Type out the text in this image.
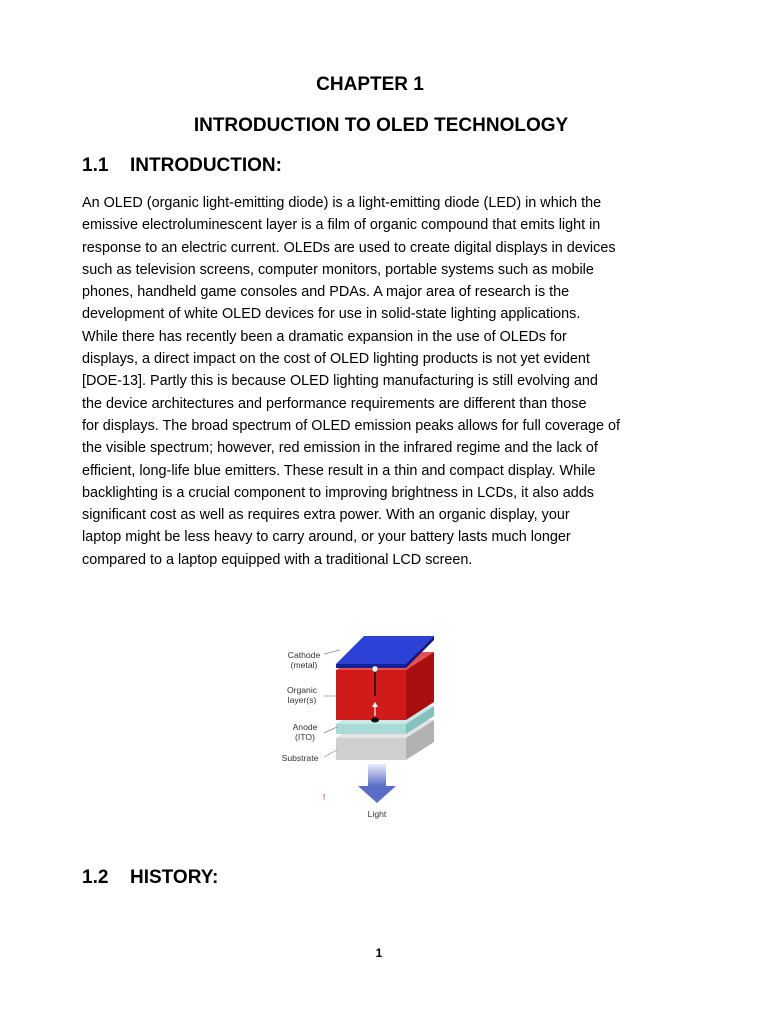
CHAPTER 1
INTRODUCTION TO OLED TECHNOLOGY
1.1 INTRODUCTION:
An OLED (organic light-emitting diode) is a light-emitting diode (LED) in which the
emissive electroluminescent layer is a film of organic compound that emits light in
response to an electric current. OLEDs are used to create digital displays in devices
such as television screens, computer monitors, portable systems such as mobile
phones, handheld game consoles and PDAs. A major area of research is the
development of white OLED devices for use in solid-state lighting applications.
While there has recently been a dramatic expansion in the use of OLEDs for
displays, a direct impact on the cost of OLED lighting products is not yet evident
[DOE-13]. Partly this is because OLED lighting manufacturing is still evolving and
the device architectures and performance requirements are different than those
for displays. The broad spectrum of OLED emission peaks allows for full coverage of
the visible spectrum; however, red emission in the infrared regime and the lack of
efficient, long-life blue emitters. These result in a thin and compact display. While
backlighting is a crucial component to improving brightness in LCDs, it also adds
significant cost as well as requires extra power. With an organic display, your
laptop might be less heavy to carry around, or your battery lasts much longer
compared to a laptop equipped with a traditional LCD screen.
Cathode
(metal)
Organic
layer(s)
Anode
(ITO)
Substrate
Light
!
1.2 HISTORY:
1
